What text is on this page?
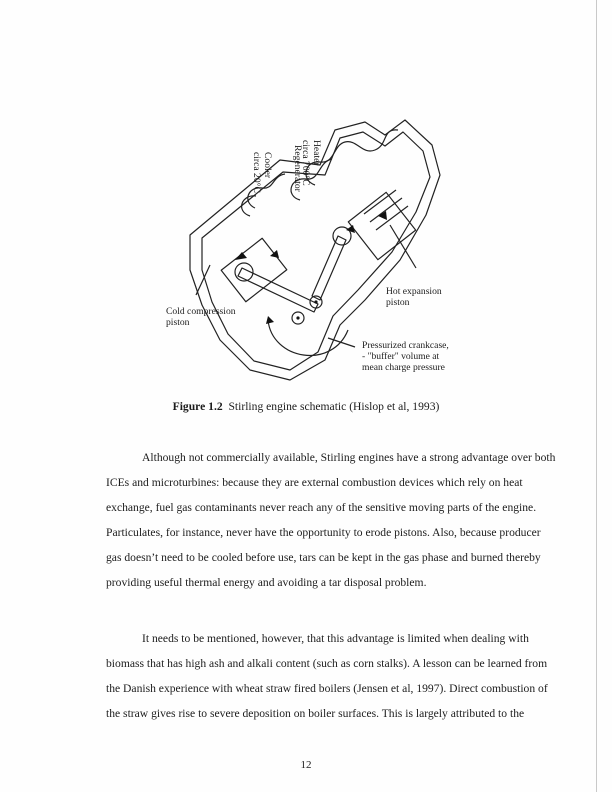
Heater
circa 700°C
Regenerator
Cooler
circa 20°C
Hot expansion
piston
Cold compression
piston
Pressurized crankcase,
- "buffer" volume at
mean charge pressure
Figure 1.2 Stirling engine schematic (Hislop et al, 1993)
Although not commercially available, Stirling engines have a strong advantage over both
ICEs and microturbines: because they are external combustion devices which rely on heat
exchange, fuel gas contaminants never reach any of the sensitive moving parts of the engine.
Particulates, for instance, never have the opportunity to erode pistons. Also, because producer
gas doesn’t need to be cooled before use, tars can be kept in the gas phase and burned thereby
providing useful thermal energy and avoiding a tar disposal problem.
It needs to be mentioned, however, that this advantage is limited when dealing with
biomass that has high ash and alkali content (such as corn stalks). A lesson can be learned from
the Danish experience with wheat straw fired boilers (Jensen et al, 1997). Direct combustion of
the straw gives rise to severe deposition on boiler surfaces. This is largely attributed to the
12
